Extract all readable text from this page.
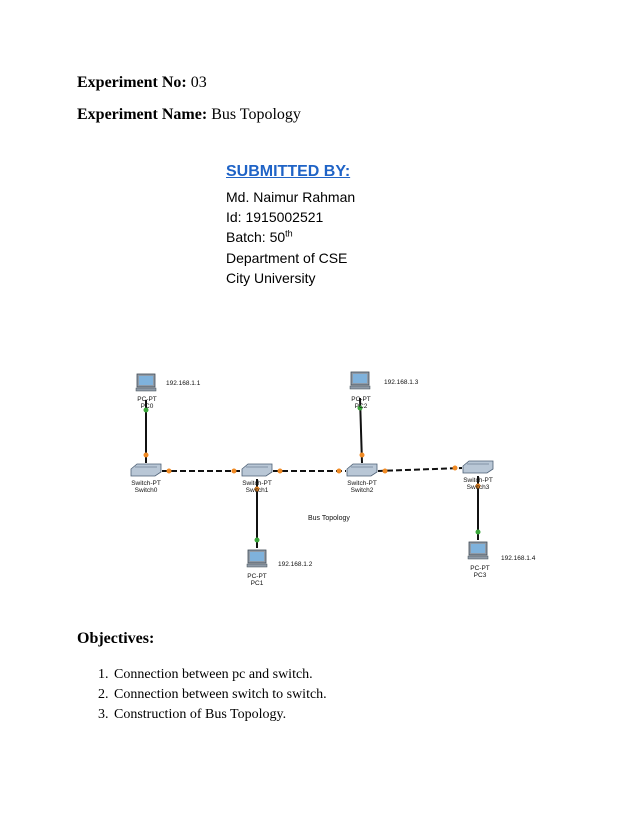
Experiment No: 03
Experiment Name: Bus Topology
SUBMITTED BY:
Md. Naimur Rahman
Id: 1915002521
Batch: 50th
Department of CSE
City University
Switch-PT
Switch0
Switch-PT
Switch1
Switch-PT
Switch2
Switch-PT
Switch3
PC-PT
PC0
192.168.1.1
PC-PT
PC1
192.168.1.2
PC-PT
PC2
192.168.1.3
PC-PT
PC3
192.168.1.4
Bus Topology
Objectives:
1. Connection between pc and switch.
2. Connection between switch to switch.
3. Construction of Bus Topology.
